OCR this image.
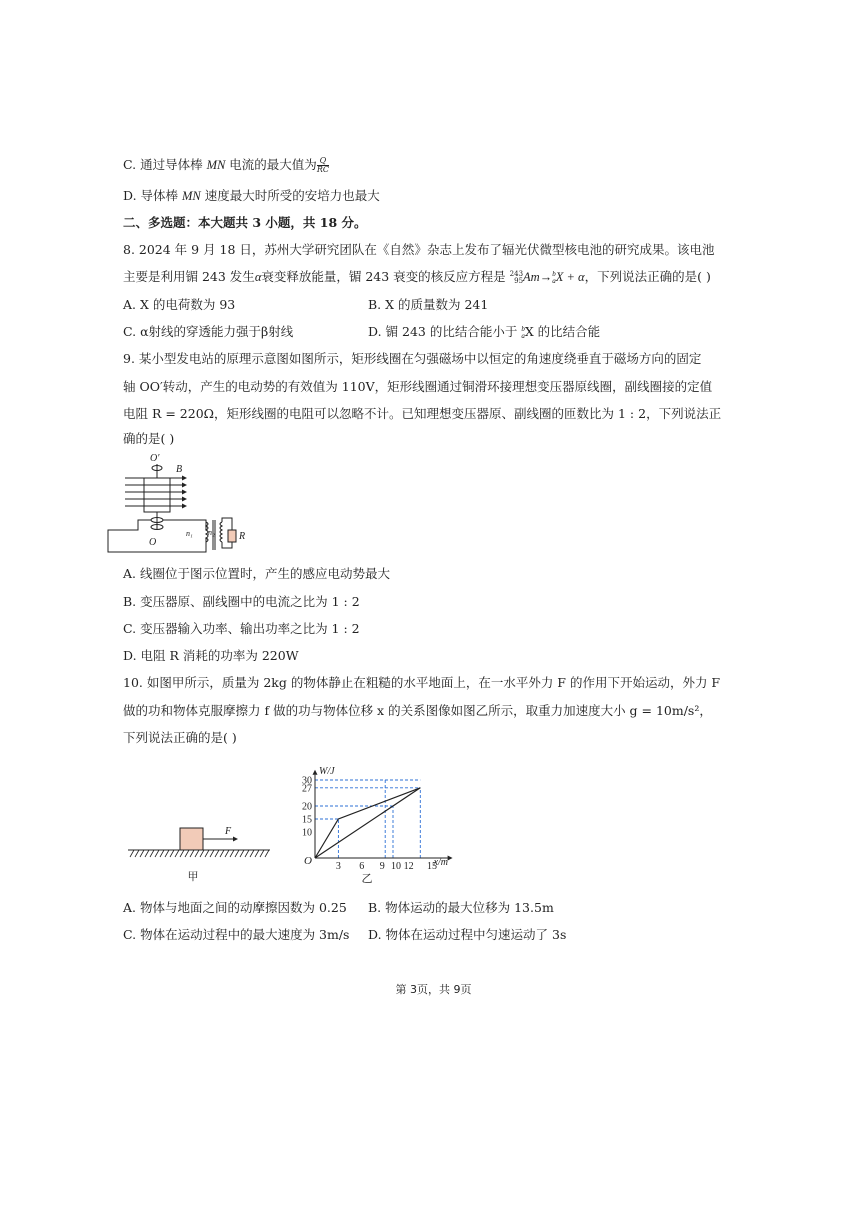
C. 通过导体棒 MN 电流的最大值为 $\frac{Q}{RC}$
D. 导体棒 MN 速度最大时所受的安培力也最大
二、多选题：本大题共 3 小题，共 18 分。
8. 2024 年 9 月 18 日，苏州大学研究团队在《自然》杂志上发布了辐光伏微型核电池的研究成果。该电池
主要是利用镅 243 发生α衰变释放能量，镅 243 衰变的核反应方程是 243
95 Am→ b
a X + α，下列说法正确的是( )
A. X 的电荷数为 93	B. X 的质量数为 241
C. α射线的穿透能力强于β射线	D. 镅 243 的比结合能小于 b
a X 的比结合能
9. 某小型发电站的原理示意图如图所示，矩形线圈在匀强磁场中以恒定的角速度绕垂直于磁场方向的固定
轴 OO′转动，产生的电动势的有效值为 110V，矩形线圈通过铜滑环接理想变压器原线圈，副线圈接的定值
电阻 R = 220Ω，矩形线圈的电阻可以忽略不计。已知理想变压器原、副线圈的匝数比为 1 : 2，下列说法正
确的是( )
O′
B
O
n₁ n₂ R
A. 线圈位于图示位置时，产生的感应电动势最大
B. 变压器原、副线圈中的电流之比为 1 : 2
C. 变压器输入功率、输出功率之比为 1 : 2
D. 电阻 R 消耗的功率为 220W
10. 如图甲所示，质量为 2kg 的物体静止在粗糙的水平地面上，在一水平外力 F 的作用下开始运动，外力 F
做的功和物体克服摩擦力 f 做的功与物体位移 x 的关系图像如图乙所示，取重力加速度大小 g = 10m/s²，
下列说法正确的是( )
F
甲
10
15
20
27
30
3 6 9 10 12 15
W/J
x/m
O
乙
A. 物体与地面之间的动摩擦因数为 0.25 B. 物体运动的最大位移为 13.5m
C. 物体在运动过程中的最大速度为 3m/s D. 物体在运动过程中匀速运动了 3s
第 3页，共 9页
